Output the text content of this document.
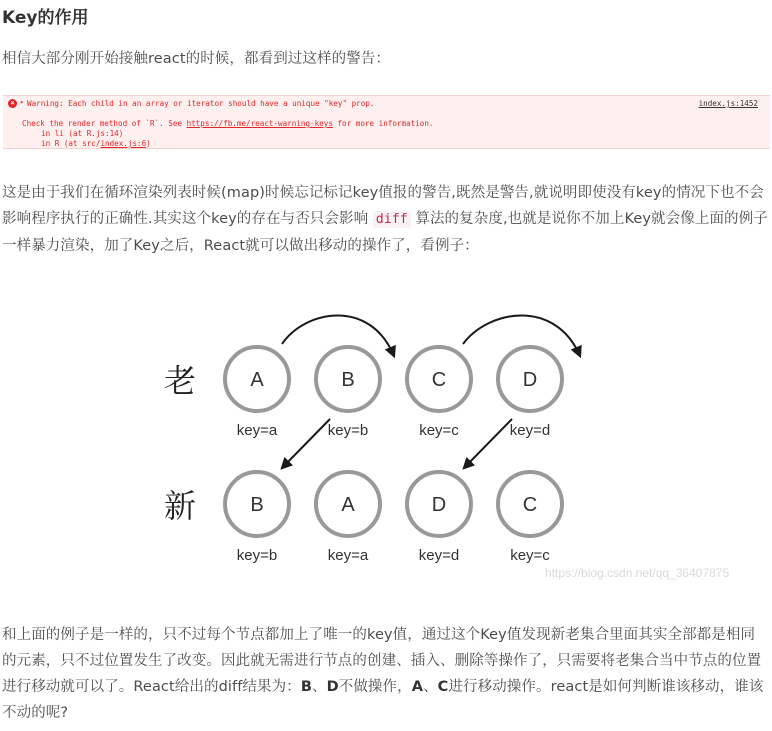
Key的作用

相信大部分刚开始接触react的时候，都看到过这样的警告：

× ▸ Warning: Each child in an array or iterator should have a unique "key" prop.	index.js:1452
Check the render method of `R`. See https://fb.me/react-warning-keys for more information.
in li (at R.js:14)
in R (at src/index.js:6)

这是由于我们在循环渲染列表时候(map)时候忘记标记key值报的警告,既然是警告,就说明即使没有key的情况下也不会影响程序执行的正确性.其实这个key的存在与否只会影响 diff 算法的复杂度,也就是说你不加上Key就会像上面的例子一样暴力渲染，加了Key之后，React就可以做出移动的操作了，看例子：

老
新
A
key=a
B
key=b
C
key=c
D
key=d
B
key=b
A
key=a
D
key=d
C
key=c
https://blog.csdn.net/qq_36407875

和上面的例子是一样的，只不过每个节点都加上了唯一的key值，通过这个Key值发现新老集合里面其实全部都是相同的元素，只不过位置发生了改变。因此就无需进行节点的创建、插入、删除等操作了，只需要将老集合当中节点的位置进行移动就可以了。React给出的diff结果为：B、D不做操作，A、C进行移动操作。react是如何判断谁该移动，谁该不动的呢?
